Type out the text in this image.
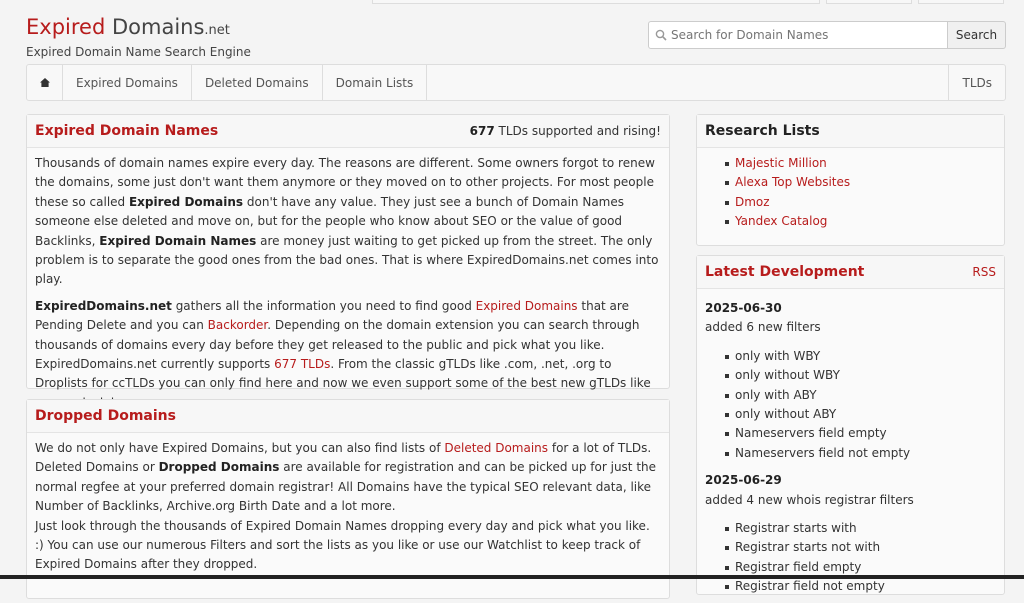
Expired Domains.net
Expired Domain Name Search Engine
Search for Domain Names
Search
Expired Domains	Deleted Domains	Domain Lists	TLDs
Expired Domain Names	677 TLDs supported and rising!

Thousands of domain names expire every day. The reasons are different. Some owners forgot to renew the domains, some just don't want them anymore or they moved on to other projects. For most people these so called Expired Domains don't have any value. They just see a bunch of Domain Names someone else deleted and move on, but for the people who know about SEO or the value of good Backlinks, Expired Domain Names are money just waiting to get picked up from the street. The only problem is to separate the good ones from the bad ones. That is where ExpiredDomains.net comes into play.

ExpiredDomains.net gathers all the information you need to find good Expired Domains that are Pending Delete and you can Backorder. Depending on the domain extension you can search through thousands of domains every day before they get released to the public and pick what you like. ExpiredDomains.net currently supports 677 TLDs. From the classic gTLDs like .com, .net, .org to Droplists for ccTLDs you can only find here and now we even support some of the best new gTLDs like

Dropped Domains

We do not only have Expired Domains, but you can also find lists of Deleted Domains for a lot of TLDs. Deleted Domains or Dropped Domains are available for registration and can be picked up for just the normal regfee at your preferred domain registrar! All Domains have the typical SEO relevant data, like Number of Backlinks, Archive.org Birth Date and a lot more.

Just look through the thousands of Expired Domain Names dropping every day and pick what you like. :) You can use our numerous Filters and sort the lists as you like or use our Watchlist to keep track of Expired Domains after they dropped.

Research Lists
Majestic Million
Alexa Top Websites
Dmoz
Yandex Catalog
Latest Development	RSS
2025-06-30
added 6 new filters
only with WBY
only without WBY
only with ABY
only without ABY
Nameservers field empty
Nameservers field not empty
2025-06-29
added 4 new whois registrar filters
Registrar starts with
Registrar starts not with
Registrar field empty
Registrar field not empty
